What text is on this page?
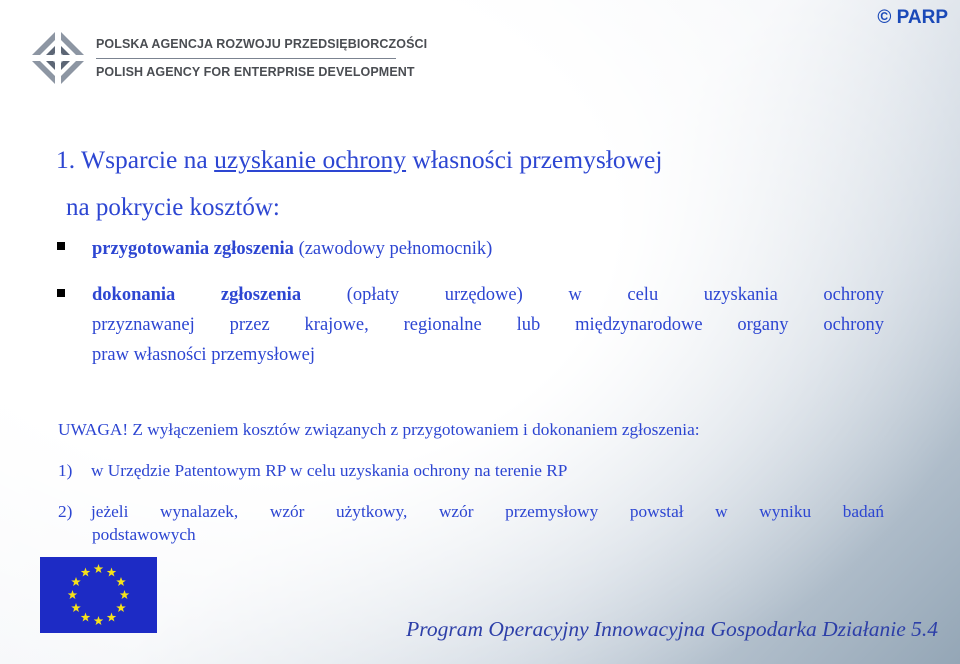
POLSKA AGENCJA ROZWOJU PRZEDSIĘBIORCZOŚCI
POLISH AGENCY FOR ENTERPRISE DEVELOPMENT
© PARP
1. Wsparcie na uzyskanie ochrony własności przemysłowej
na pokrycie kosztów:
przygotowania zgłoszenia (zawodowy pełnomocnik)
dokonania zgłoszenia (opłaty urzędowe) w celu uzyskania ochrony
przyznawanej przez krajowe, regionalne lub międzynarodowe organy ochrony
praw własności przemysłowej
UWAGA! Z wyłączeniem kosztów związanych z przygotowaniem i dokonaniem zgłoszenia:
1) w Urzędzie Patentowym RP w celu uzyskania ochrony na terenie RP
2) jeżeli wynalazek, wzór użytkowy, wzór przemysłowy powstał w wyniku badań
podstawowych
Program Operacyjny Innowacyjna Gospodarka Działanie 5.4
